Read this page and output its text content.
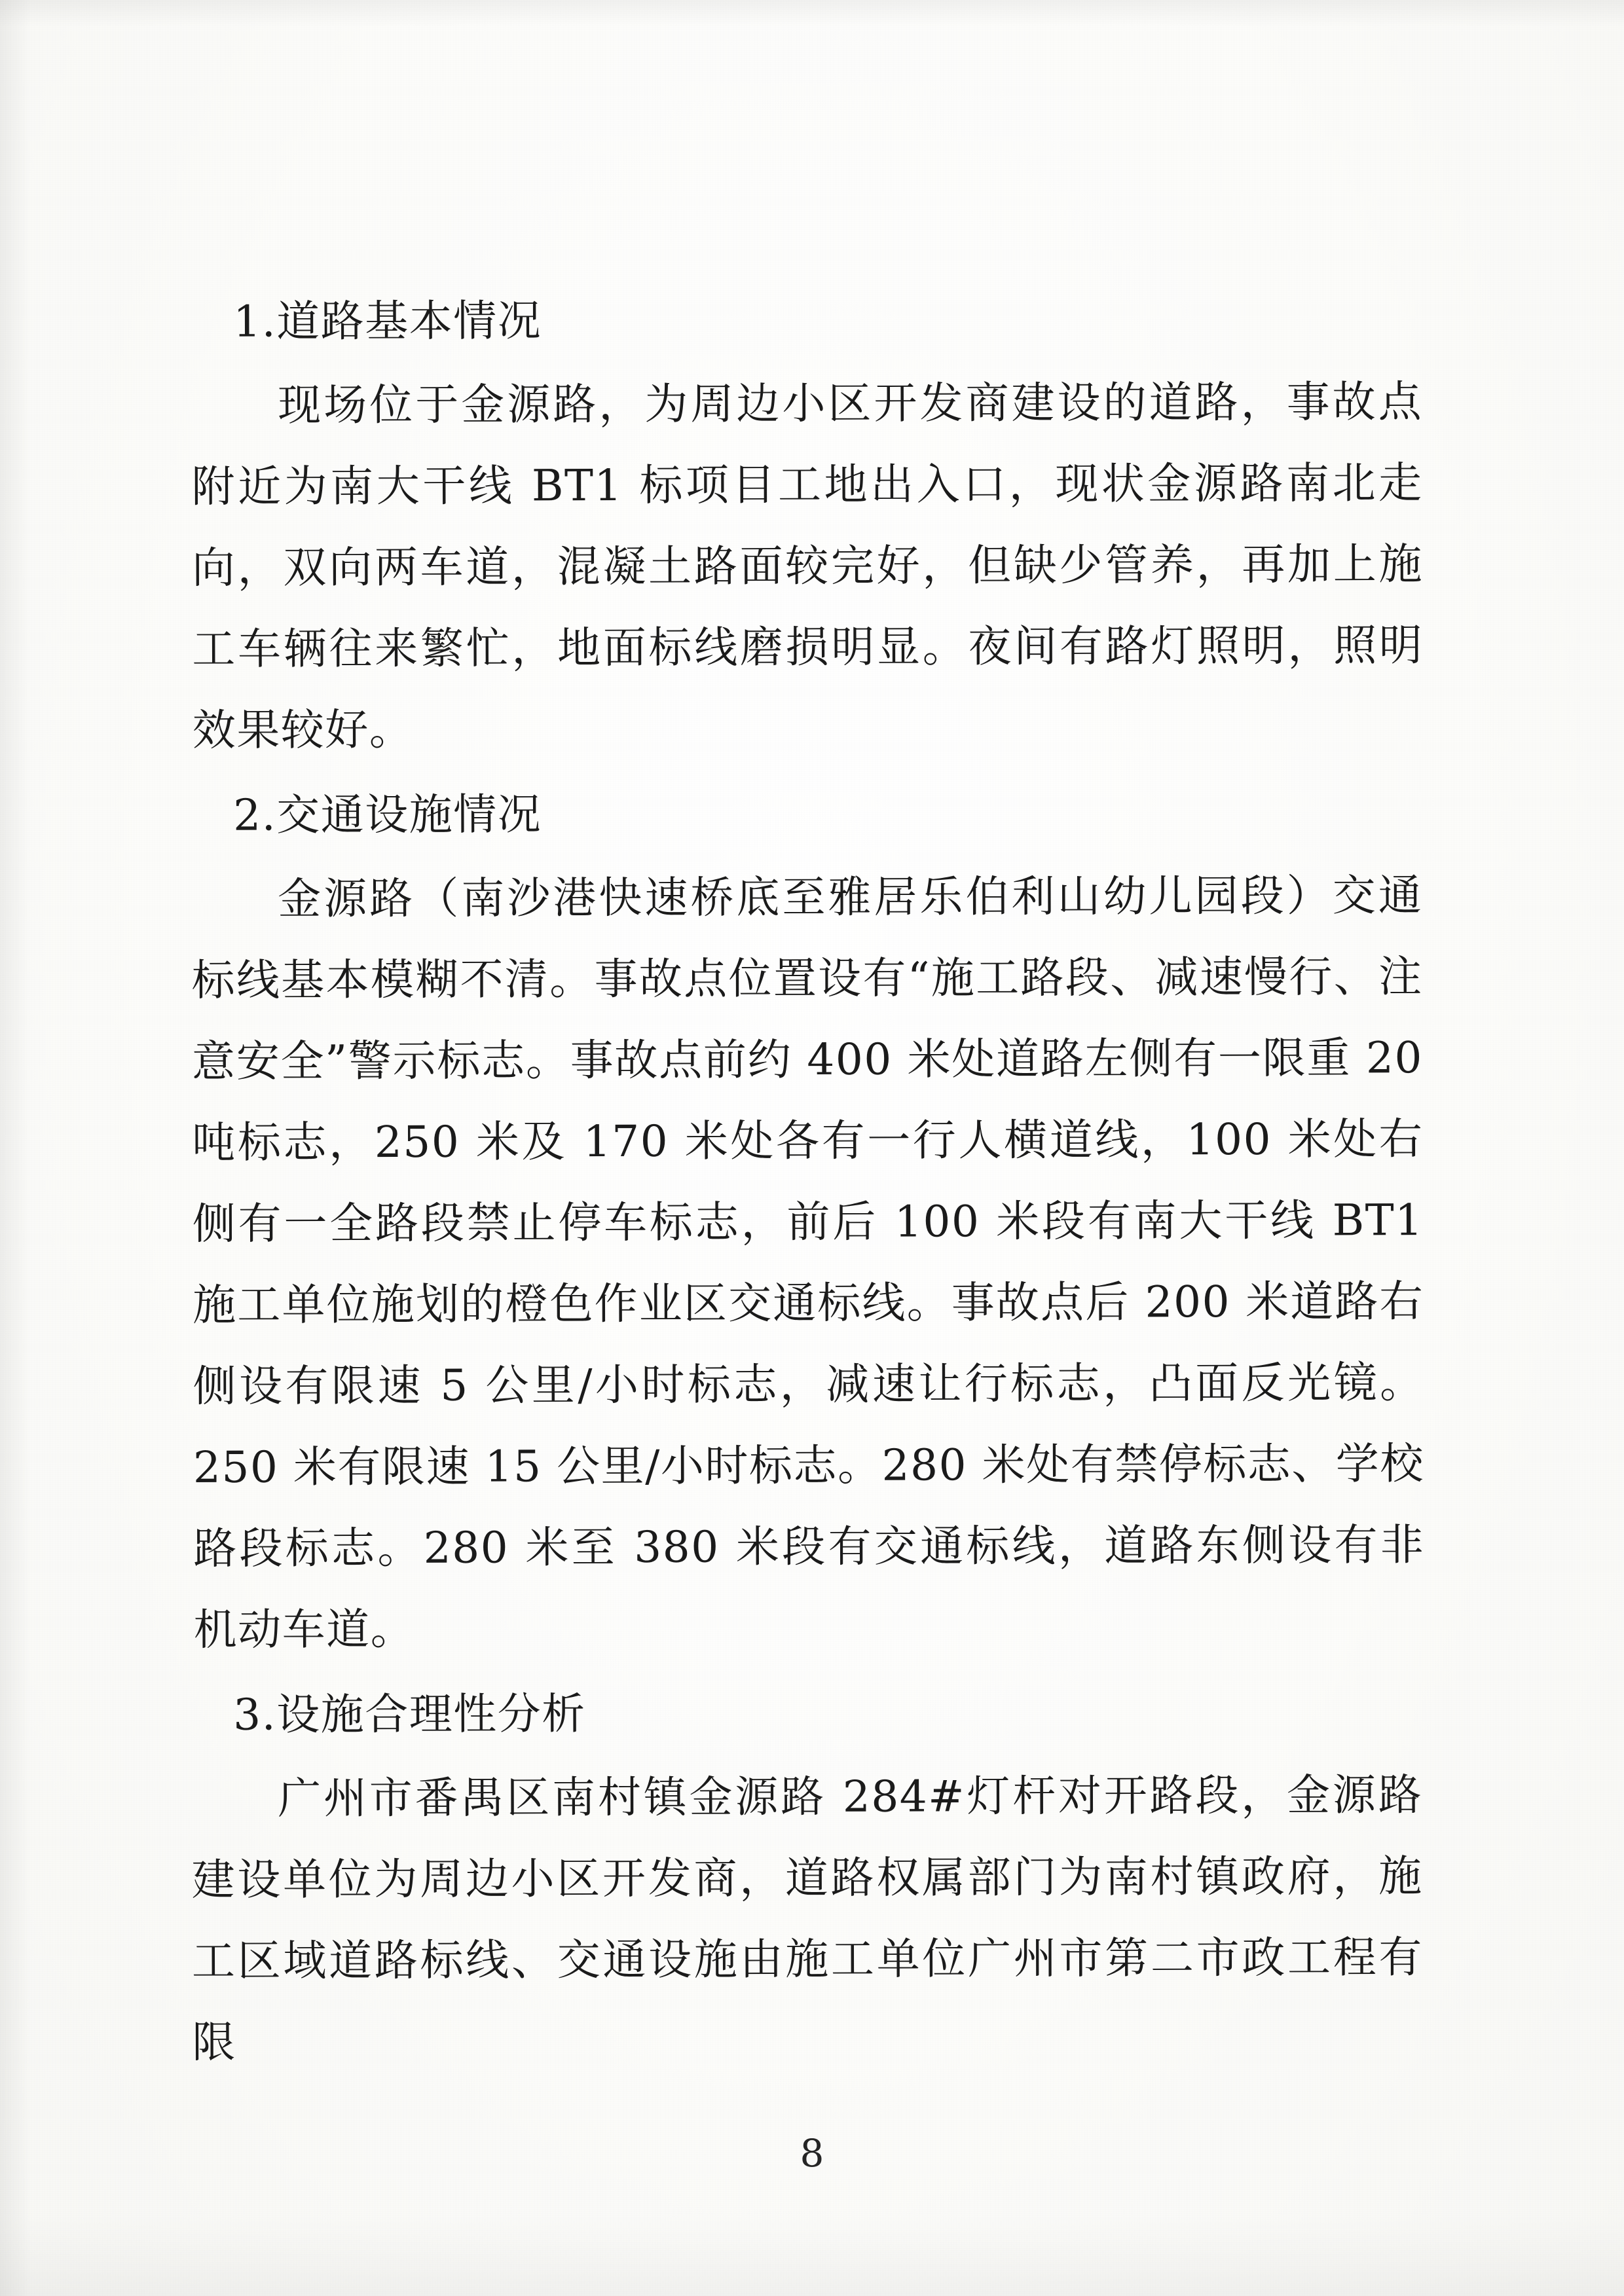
1.道路基本情况

现场位于金源路，为周边小区开发商建设的道路，事故点附近为南大干线 BT1 标项目工地出入口，现状金源路南北走向，双向两车道，混凝土路面较完好，但缺少管养，再加上施工车辆往来繁忙，地面标线磨损明显。夜间有路灯照明，照明效果较好。

2.交通设施情况

金源路（南沙港快速桥底至雅居乐伯利山幼儿园段）交通标线基本模糊不清。事故点位置设有“施工路段、减速慢行、注意安全”警示标志。事故点前约 400 米处道路左侧有一限重 20 吨标志，250 米及 170 米处各有一行人横道线，100 米处右侧有一全路段禁止停车标志，前后 100 米段有南大干线 BT1 施工单位施划的橙色作业区交通标线。事故点后 200 米道路右侧设有限速 5 公里/小时标志，减速让行标志，凸面反光镜。250 米有限速 15 公里/小时标志。280 米处有禁停标志、学校路段标志。280 米至 380 米段有交通标线，道路东侧设有非机动车道。

3.设施合理性分析

广州市番禺区南村镇金源路 284#灯杆对开路段，金源路建设单位为周边小区开发商，道路权属部门为南村镇政府，施工区域道路标线、交通设施由施工单位广州市第二市政工程有限

8
